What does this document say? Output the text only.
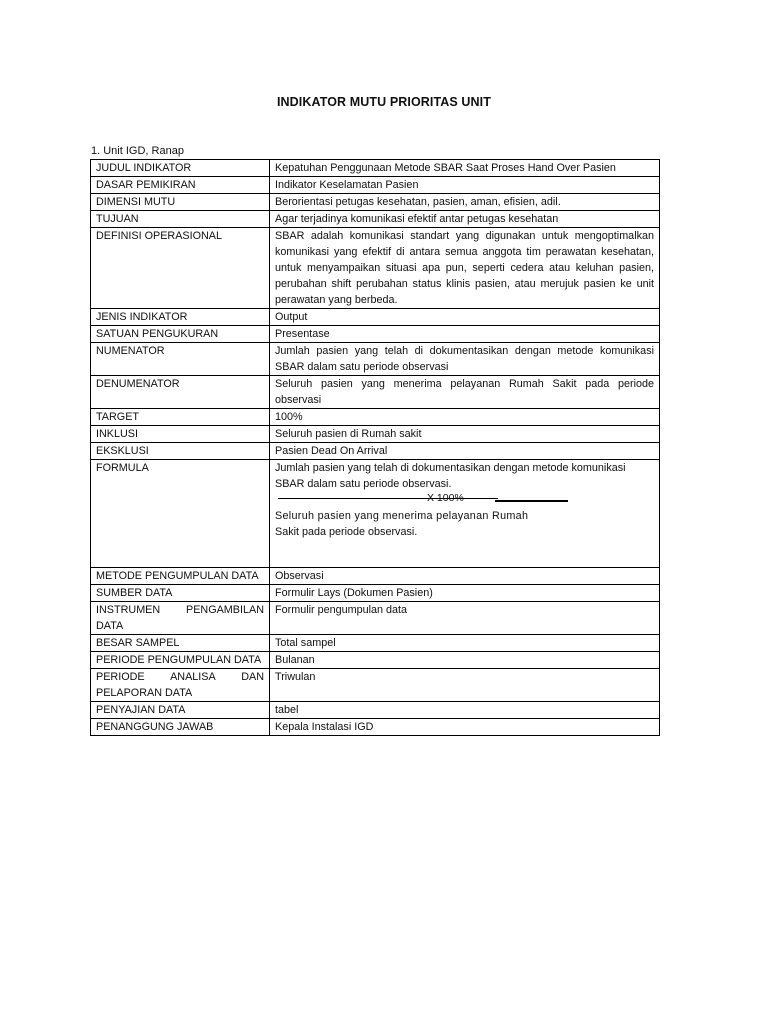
INDIKATOR MUTU PRIORITAS UNIT
1. Unit IGD, Ranap
JUDUL INDIKATOR	Kepatuhan Penggunaan Metode SBAR Saat Proses Hand Over Pasien
DASAR PEMIKIRAN	Indikator Keselamatan Pasien
DIMENSI MUTU	Berorientasi petugas kesehatan, pasien, aman, efisien, adil.
TUJUAN	Agar terjadinya komunikasi efektif antar petugas kesehatan
DEFINISI OPERASIONAL	SBAR adalah komunikasi standart yang digunakan untuk mengoptimalkan komunikasi yang efektif di antara semua anggota tim perawatan kesehatan, untuk menyampaikan situasi apa pun, seperti cedera atau keluhan pasien, perubahan shift perubahan status klinis pasien, atau merujuk pasien ke unit perawatan yang berbeda.
JENIS INDIKATOR	Output
SATUAN PENGUKURAN	Presentase
NUMENATOR	Jumlah pasien yang telah di dokumentasikan dengan metode komunikasi SBAR dalam satu periode observasi
DENUMENATOR	Seluruh pasien yang menerima pelayanan Rumah Sakit pada periode observasi
TARGET	100%
INKLUSI	Seluruh pasien di Rumah sakit
EKSKLUSI	Pasien Dead On Arrival
FORMULA	Jumlah pasien yang telah di dokumentasikan dengan metode komunikasi SBAR dalam satu periode observasi.
X 100%
Seluruh pasien yang menerima pelayanan Rumah
Sakit pada periode observasi.

METODE PENGUMPULAN DATA	Observasi
SUMBER DATA	Formulir Lays (Dokumen Pasien)
INSTRUMEN PENGAMBILAN DATA	Formulir pengumpulan data
BESAR SAMPEL	Total sampel
PERIODE PENGUMPULAN DATA	Bulanan
PERIODE ANALISA DAN PELAPORAN DATA	Triwulan
PENYAJIAN DATA	tabel
PENANGGUNG JAWAB	Kepala Instalasi IGD
